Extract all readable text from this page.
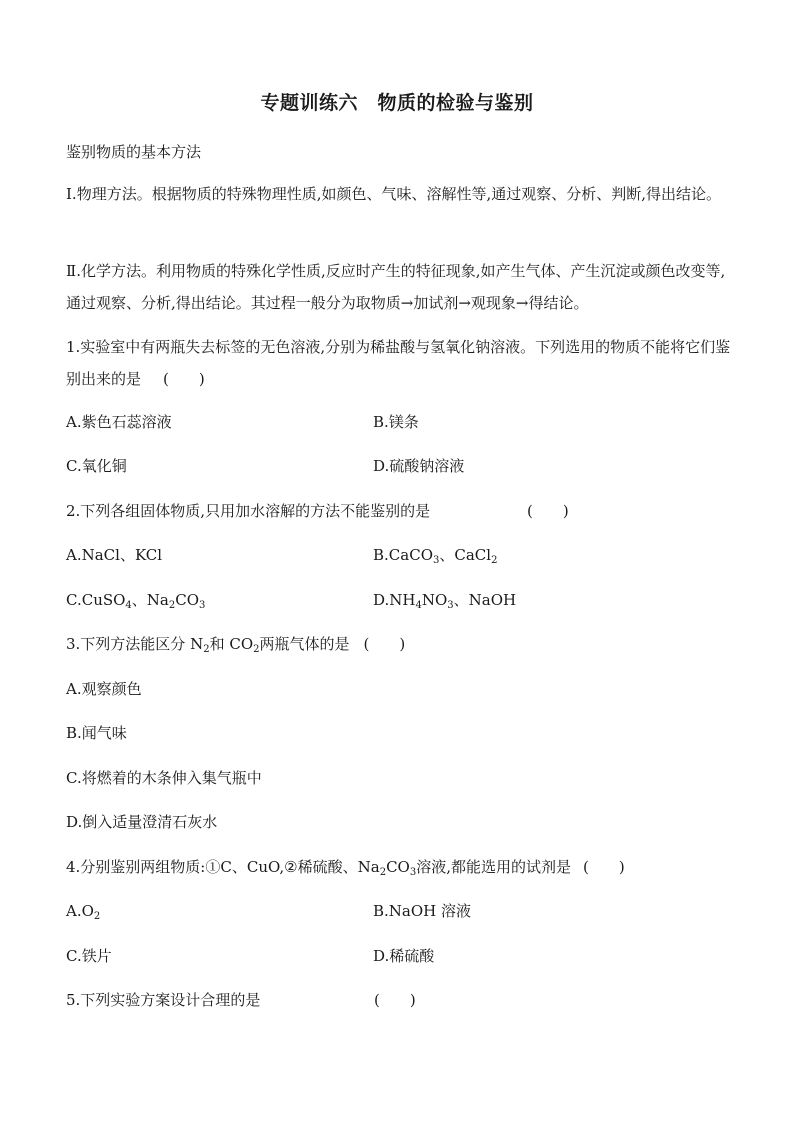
专题训练六　物质的检验与鉴别
鉴别物质的基本方法
Ⅰ.物理方法。根据物质的特殊物理性质,如颜色、气味、溶解性等,通过观察、分析、判断,得出结论。
Ⅱ.化学方法。利用物质的特殊化学性质,反应时产生的特征现象,如产生气体、产生沉淀或颜色改变等,通过观察、分析,得出结论。其过程一般分为取物质→加试剂→观现象→得结论。
1.实验室中有两瓶失去标签的无色溶液,分别为稀盐酸与氢氧化钠溶液。下列选用的物质不能将它们鉴别出来的是 (　　)
A.紫色石蕊溶液	B.镁条
C.氧化铜	D.硫酸钠溶液
2.下列各组固体物质,只用加水溶解的方法不能鉴别的是	(　　)
A.NaCl、KCl	B.CaCO$_3$、CaCl$_2$
C.CuSO$_4$、$Na_2CO_3$	$D.NH_4NO_3$、NaOH
3.下列方法能区分 $N_2$和 $CO_2$两瓶气体的是 (　　)
A.观察颜色
B.闻气味
C.将燃着的木条伸入集气瓶中
D.倒入适量澄清石灰水
4.分别鉴别两组物质:①C、CuO,②稀硫酸、$Na_2CO_3$溶液,都能选用的试剂是 (　　)
$A.O_2$	B.NaOH 溶液
C.铁片	D.稀硫酸
5.下列实验方案设计合理的是	(　　)
